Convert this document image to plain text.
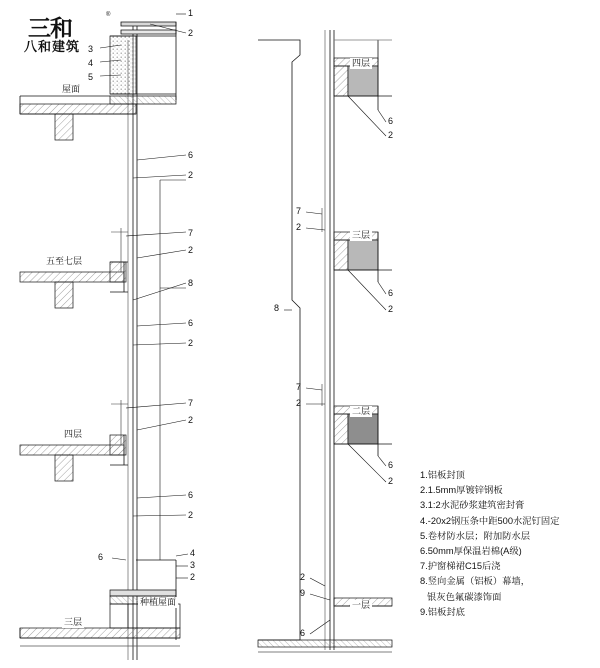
三和
®
八和建筑
屋面
五至七层
四层
三层
种植屋面
1
2
3
4
5
6
2
7
2
8
6
2
7
2
6
2
6	4
3
2
四层
三层
二层
一层
6
2
7
2
6
2
8
7
2
6
2
2
9
6
1.铝板封顶
2.1.5mm厚镀锌钢板
3.1:2水泥砂浆建筑密封膏
4.-20x2钢压条中距500水泥钉固定
5.卷材防水层；附加防水层
6.50mm厚保温岩棉(A级)
7.护窗梯裙C15后浇
8.竖向金属（铝板）幕墙，
银灰色氟碳漆饰面
9.铝板封底
